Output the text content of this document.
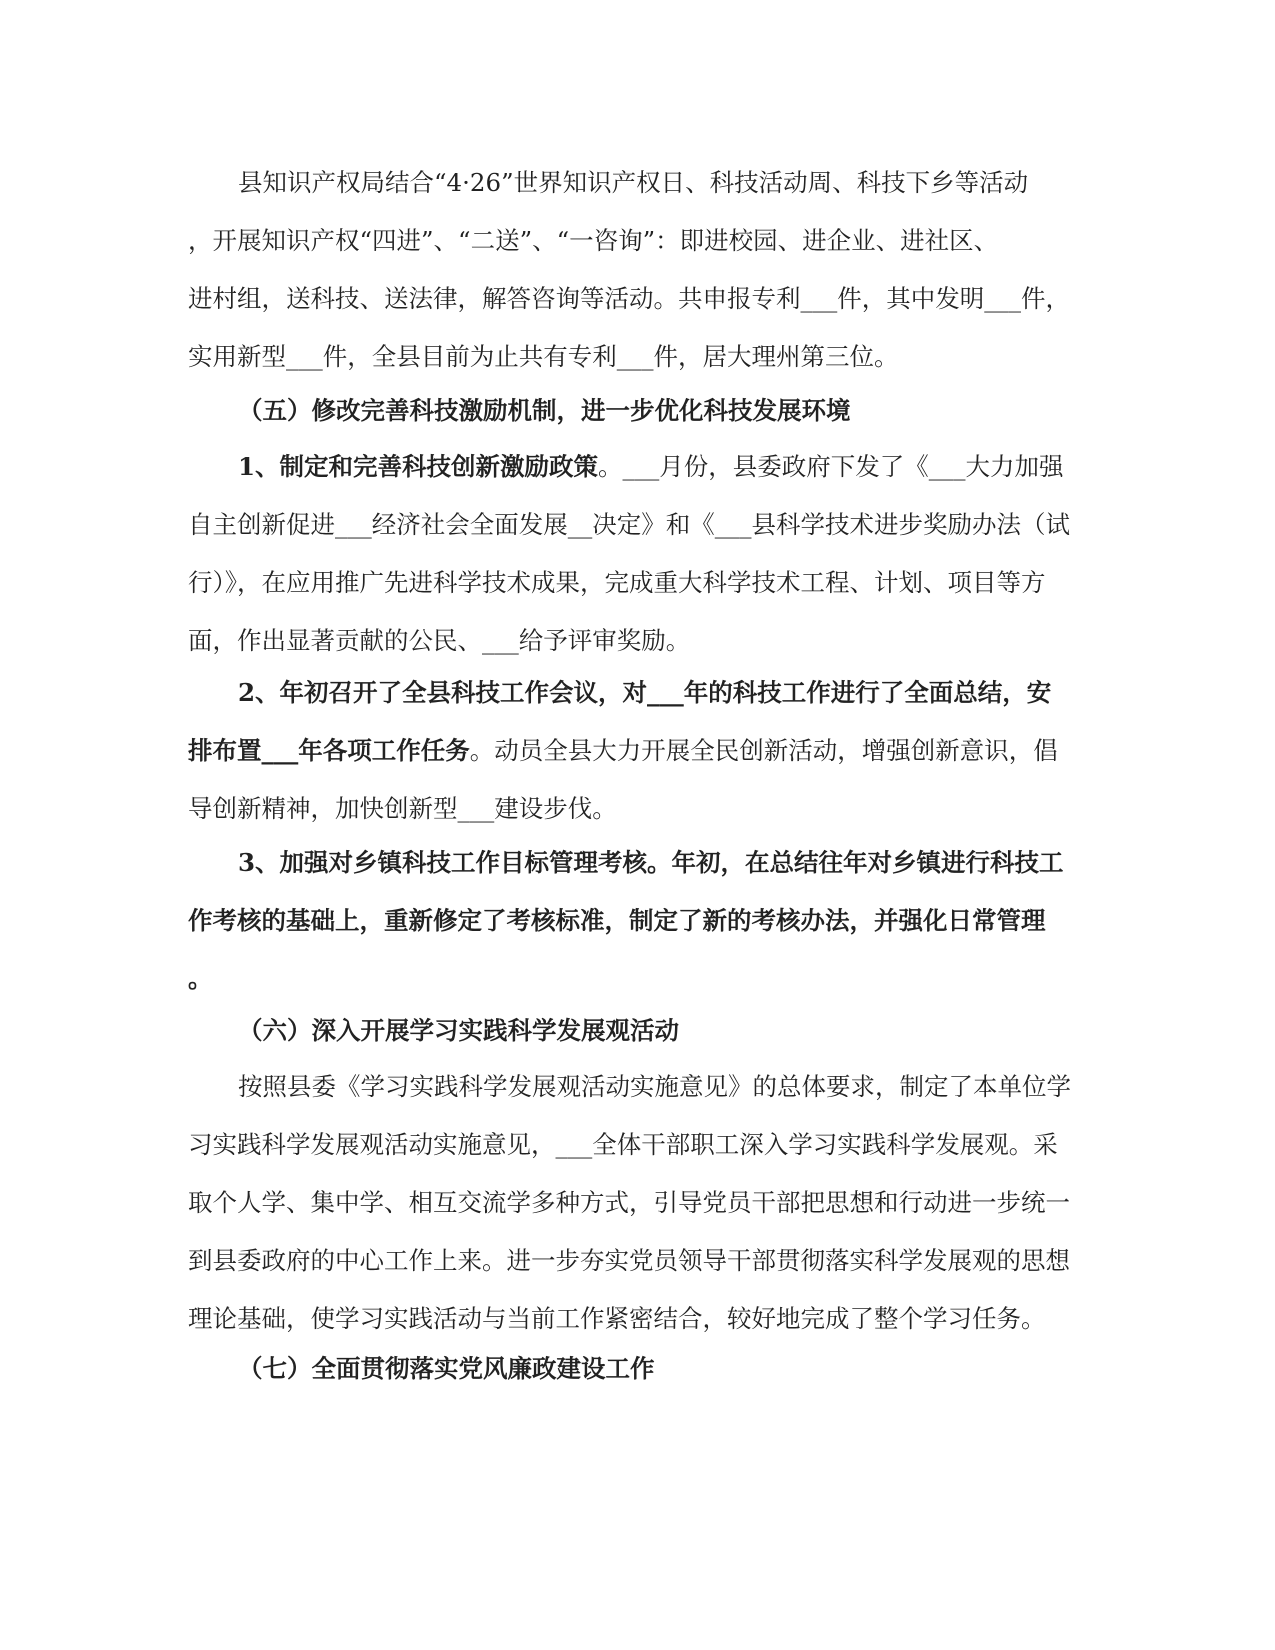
县知识产权局结合“4·26”世界知识产权日、科技活动周、科技下乡等活动
，开展知识产权“四进”、“二送”、“一咨询”：即进校园、进企业、进社区、
进村组，送科技、送法律，解答咨询等活动。共申报专利___件，其中发明___件，
实用新型___件，全县目前为止共有专利___件，居大理州第三位。
（五）修改完善科技激励机制，进一步优化科技发展环境
1、制定和完善科技创新激励政策。___月份，县委政府下发了《___大力加强
自主创新促进___经济社会全面发展__决定》和《___县科学技术进步奖励办法（试
行）》，在应用推广先进科学技术成果，完成重大科学技术工程、计划、项目等方
面，作出显著贡献的公民、___给予评审奖励。
2、年初召开了全县科技工作会议，对___年的科技工作进行了全面总结，安
排布置___年各项工作任务。动员全县大力开展全民创新活动，增强创新意识，倡
导创新精神，加快创新型___建设步伐。
3、加强对乡镇科技工作目标管理考核。年初，在总结往年对乡镇进行科技工
作考核的基础上，重新修定了考核标准，制定了新的考核办法，并强化日常管理
。
（六）深入开展学习实践科学发展观活动
按照县委《学习实践科学发展观活动实施意见》的总体要求，制定了本单位学
习实践科学发展观活动实施意见，___全体干部职工深入学习实践科学发展观。采
取个人学、集中学、相互交流学多种方式，引导党员干部把思想和行动进一步统一
到县委政府的中心工作上来。进一步夯实党员领导干部贯彻落实科学发展观的思想
理论基础，使学习实践活动与当前工作紧密结合，较好地完成了整个学习任务。
（七）全面贯彻落实党风廉政建设工作
